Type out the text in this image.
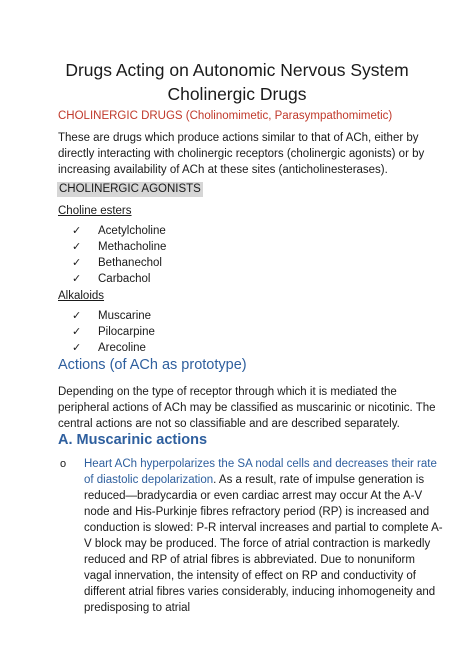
Drugs Acting on Autonomic Nervous System
Cholinergic Drugs
CHOLINERGIC DRUGS (Cholinomimetic, Parasympathomimetic)
These are drugs which produce actions similar to that of ACh, either by directly interacting with cholinergic receptors (cholinergic agonists) or by increasing availability of ACh at these sites (anticholinesterases).
CHOLINERGIC AGONISTS
Choline esters
✓ Acetylcholine
✓ Methacholine
✓ Bethanechol
✓ Carbachol
Alkaloids
✓ Muscarine
✓ Pilocarpine
✓ Arecoline
Actions (of ACh as prototype)
Depending on the type of receptor through which it is mediated the peripheral actions of ACh may be classified as muscarinic or nicotinic. The central actions are not so classifiable and are described separately.
A. Muscarinic actions
o Heart ACh hyperpolarizes the SA nodal cells and decreases their rate of diastolic depolarization. As a result, rate of impulse generation is reduced—bradycardia or even cardiac arrest may occur At the A-V node and His-Purkinje fibres refractory period (RP) is increased and conduction is slowed: P-R interval increases and partial to complete A-V block may be produced. The force of atrial contraction is markedly reduced and RP of atrial fibres is abbreviated. Due to nonuniform vagal innervation, the intensity of effect on RP and conductivity of different atrial fibres varies considerably, inducing inhomogeneity and predisposing to atrial
